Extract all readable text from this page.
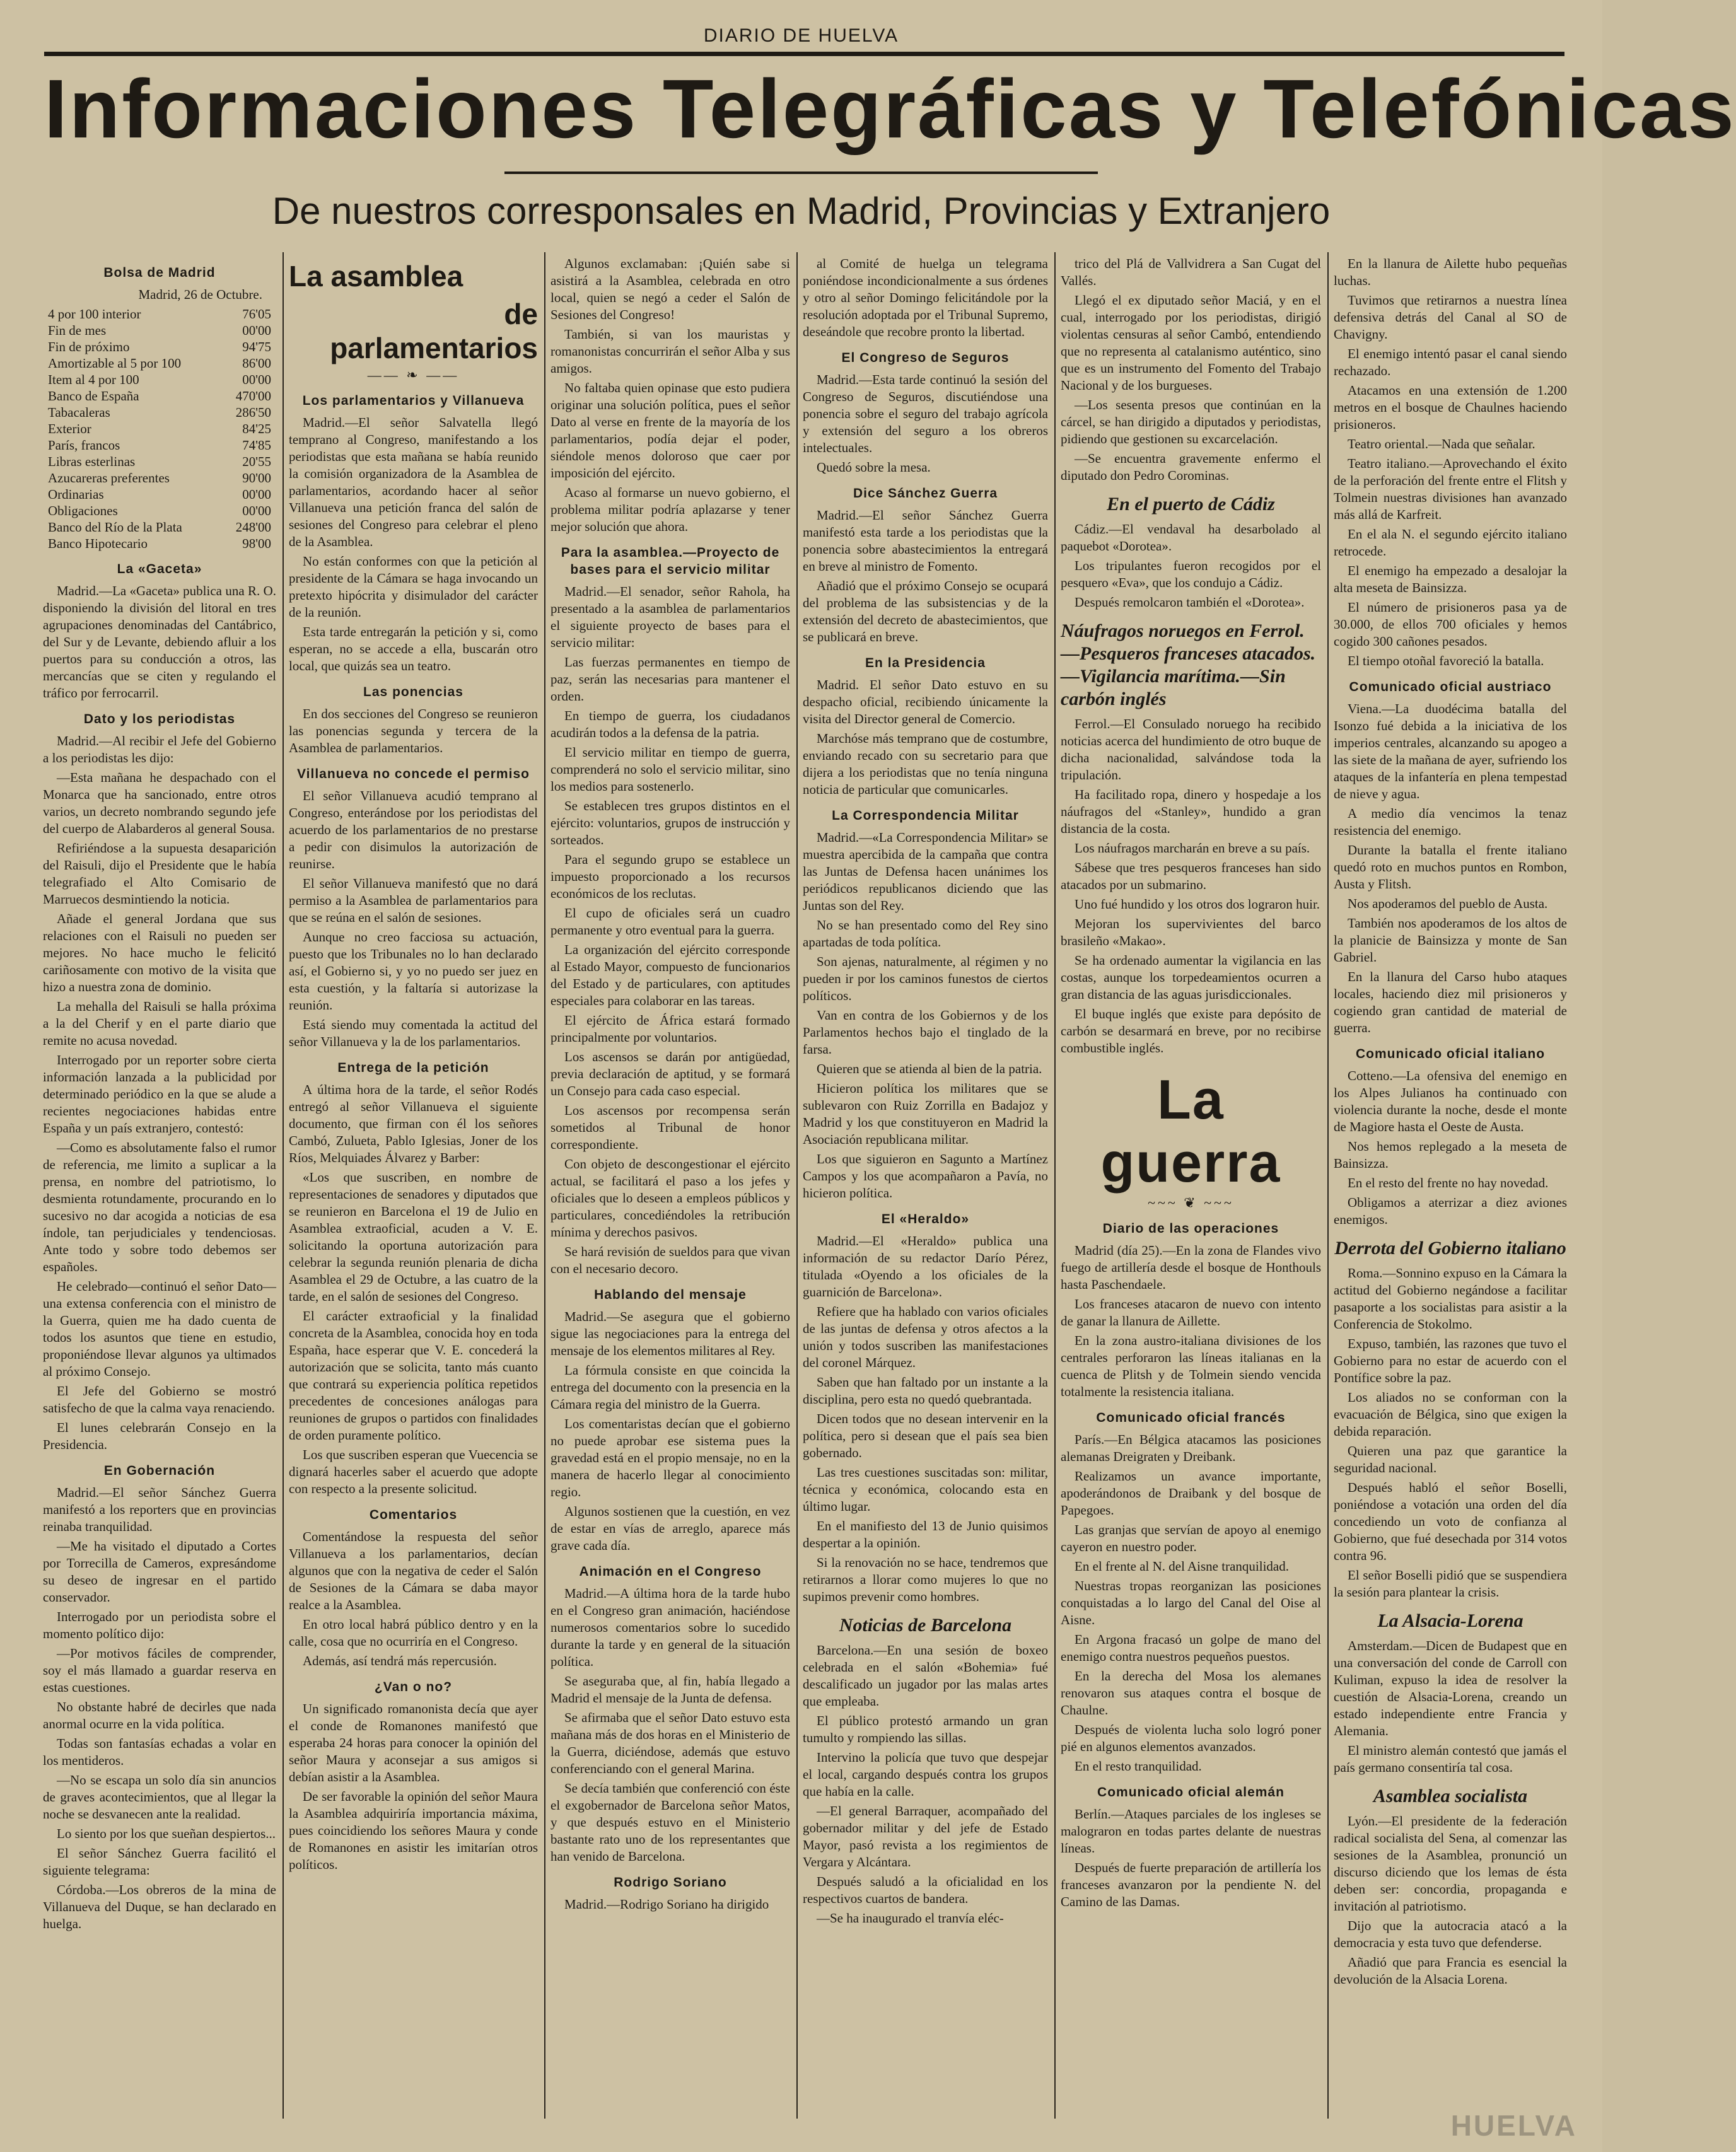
DIARIO DE HUELVA
Informaciones Telegráficas y Telefónicas
De nuestros corresponsales en Madrid, Provincias y Extranjero
Bolsa de Madrid
Madrid, 26 de Octubre.
4 por 100 interior	76'05
Fin de mes	00'00
Fin de próximo	94'75
Amortizable al 5 por 100	86'00
Item al 4 por 100	00'00
Banco de España	470'00
Tabacaleras	286'50
Exterior	84'25
París, francos	74'85
Libras esterlinas	20'55
Azucareras preferentes	90'00
Ordinarias	00'00
Obligaciones	00'00
Banco del Río de la Plata	248'00
Banco Hipotecario	98'00
La «Gaceta»

Madrid.—La «Gaceta» publica una R. O. disponiendo la división del litoral en tres agrupaciones denominadas del Cantábrico, del Sur y de Levante, debiendo afluir a los puertos para su conducción a otros, las mercancías que se citen y regulando el tráfico por ferrocarril.

Dato y los periodistas

Madrid.—Al recibir el Jefe del Gobierno a los periodistas les dijo:

—Esta mañana he despachado con el Monarca que ha sancionado, entre otros varios, un decreto nombrando segundo jefe del cuerpo de Alabarderos al general Sousa.

Refiriéndose a la supuesta desaparición del Raisuli, dijo el Presidente que le había telegrafiado el Alto Comisario de Marruecos desmintiendo la noticia.

Añade el general Jordana que sus relaciones con el Raisuli no pueden ser mejores. No hace mucho le felicitó cariñosamente con motivo de la visita que hizo a nuestra zona de dominio.

La mehalla del Raisuli se halla próxima a la del Cherif y en el parte diario que remite no acusa novedad.

Interrogado por un reporter sobre cierta información lanzada a la publicidad por determinado periódico en la que se alude a recientes negociaciones habidas entre España y un país extranjero, contestó:

—Como es absolutamente falso el rumor de referencia, me limito a suplicar a la prensa, en nombre del patriotismo, lo desmienta rotundamente, procurando en lo sucesivo no dar acogida a noticias de esa índole, tan perjudiciales y tendenciosas. Ante todo y sobre todo debemos ser españoles.

He celebrado—continuó el señor Dato—una extensa conferencia con el ministro de la Guerra, quien me ha dado cuenta de todos los asuntos que tiene en estudio, proponiéndose llevar algunos ya ultimados al próximo Consejo.

El Jefe del Gobierno se mostró satisfecho de que la calma vaya renaciendo.

El lunes celebrarán Consejo en la Presidencia.

En Gobernación

Madrid.—El señor Sánchez Guerra manifestó a los reporters que en provincias reinaba tranquilidad.

—Me ha visitado el diputado a Cortes por Torrecilla de Cameros, expresándome su deseo de ingresar en el partido conservador.

Interrogado por un periodista sobre el momento político dijo:

—Por motivos fáciles de comprender, soy el más llamado a guardar reserva en estas cuestiones.

No obstante habré de decirles que nada anormal ocurre en la vida política.

Todas son fantasías echadas a volar en los mentideros.

—No se escapa un solo día sin anuncios de graves acontecimientos, que al llegar la noche se desvanecen ante la realidad.

Lo siento por los que sueñan despiertos...

El señor Sánchez Guerra facilitó el siguiente telegrama:

Córdoba.—Los obreros de la mina de Villanueva del Duque, se han declarado en huelga.

La asamblea
de parlamentarios
—— ❧ ——
Los parlamentarios y Villanueva

Madrid.—El señor Salvatella llegó temprano al Congreso, manifestando a los periodistas que esta mañana se había reunido la comisión organizadora de la Asamblea de parlamentarios, acordando hacer al señor Villanueva una petición franca del salón de sesiones del Congreso para celebrar el pleno de la Asamblea.

No están conformes con que la petición al presidente de la Cámara se haga invocando un pretexto hipócrita y disimulador del carácter de la reunión.

Esta tarde entregarán la petición y si, como esperan, no se accede a ella, buscarán otro local, que quizás sea un teatro.

Las ponencias

En dos secciones del Congreso se reunieron las ponencias segunda y tercera de la Asamblea de parlamentarios.

Villanueva no concede el permiso

El señor Villanueva acudió temprano al Congreso, enterándose por los periodistas del acuerdo de los parlamentarios de no prestarse a pedir con disimulos la autorización de reunirse.

El señor Villanueva manifestó que no dará permiso a la Asamblea de parlamentarios para que se reúna en el salón de sesiones.

Aunque no creo facciosa su actuación, puesto que los Tribunales no lo han declarado así, el Gobierno si, y yo no puedo ser juez en esta cuestión, y la faltaría si autorizase la reunión.

Está siendo muy comentada la actitud del señor Villanueva y la de los parlamentarios.

Entrega de la petición

A última hora de la tarde, el señor Rodés entregó al señor Villanueva el siguiente documento, que firman con él los señores Cambó, Zulueta, Pablo Iglesias, Joner de los Ríos, Melquiades Álvarez y Barber:

«Los que suscriben, en nombre de representaciones de senadores y diputados que se reunieron en Barcelona el 19 de Julio en Asamblea extraoficial, acuden a V. E. solicitando la oportuna autorización para celebrar la segunda reunión plenaria de dicha Asamblea el 29 de Octubre, a las cuatro de la tarde, en el salón de sesiones del Congreso.

El carácter extraoficial y la finalidad concreta de la Asamblea, conocida hoy en toda España, hace esperar que V. E. concederá la autorización que se solicita, tanto más cuanto que contrará su experiencia política repetidos precedentes de concesiones análogas para reuniones de grupos o partidos con finalidades de orden puramente político.

Los que suscriben esperan que Vuecencia se dignará hacerles saber el acuerdo que adopte con respecto a la presente solicitud.

Comentarios

Comentándose la respuesta del señor Villanueva a los parlamentarios, decían algunos que con la negativa de ceder el Salón de Sesiones de la Cámara se daba mayor realce a la Asamblea.

En otro local habrá público dentro y en la calle, cosa que no ocurriría en el Congreso.

Además, así tendrá más repercusión.

¿Van o no?

Un significado romanonista decía que ayer el conde de Romanones manifestó que esperaba 24 horas para conocer la opinión del señor Maura y aconsejar a sus amigos si debían asistir a la Asamblea.

De ser favorable la opinión del señor Maura la Asamblea adquiriría importancia máxima, pues coincidiendo los señores Maura y conde de Romanones en asistir les imitarían otros políticos.

Algunos exclamaban: ¡Quién sabe si asistirá a la Asamblea, celebrada en otro local, quien se negó a ceder el Salón de Sesiones del Congreso!

También, si van los mauristas y romanonistas concurrirán el señor Alba y sus amigos.

No faltaba quien opinase que esto pudiera originar una solución política, pues el señor Dato al verse en frente de la mayoría de los parlamentarios, podía dejar el poder, siéndole menos doloroso que caer por imposición del ejército.

Acaso al formarse un nuevo gobierno, el problema militar podría aplazarse y tener mejor solución que ahora.

Para la asamblea.—Proyecto de bases para el servicio militar

Madrid.—El senador, señor Rahola, ha presentado a la asamblea de parlamentarios el siguiente proyecto de bases para el servicio militar:

Las fuerzas permanentes en tiempo de paz, serán las necesarias para mantener el orden.

En tiempo de guerra, los ciudadanos acudirán todos a la defensa de la patria.

El servicio militar en tiempo de guerra, comprenderá no solo el servicio militar, sino los medios para sostenerlo.

Se establecen tres grupos distintos en el ejército: voluntarios, grupos de instrucción y sorteados.

Para el segundo grupo se establece un impuesto proporcionado a los recursos económicos de los reclutas.

El cupo de oficiales será un cuadro permanente y otro eventual para la guerra.

La organización del ejército corresponde al Estado Mayor, compuesto de funcionarios del Estado y de particulares, con aptitudes especiales para colaborar en las tareas.

El ejército de África estará formado principalmente por voluntarios.

Los ascensos se darán por antigüedad, previa declaración de aptitud, y se formará un Consejo para cada caso especial.

Los ascensos por recompensa serán sometidos al Tribunal de honor correspondiente.

Con objeto de descongestionar el ejército actual, se facilitará el paso a los jefes y oficiales que lo deseen a empleos públicos y particulares, concediéndoles la retribución mínima y derechos pasivos.

Se hará revisión de sueldos para que vivan con el necesario decoro.

Hablando del mensaje

Madrid.—Se asegura que el gobierno sigue las negociaciones para la entrega del mensaje de los elementos militares al Rey.

La fórmula consiste en que coincida la entrega del documento con la presencia en la Cámara regia del ministro de la Guerra.

Los comentaristas decían que el gobierno no puede aprobar ese sistema pues la gravedad está en el propio mensaje, no en la manera de hacerlo llegar al conocimiento regio.

Algunos sostienen que la cuestión, en vez de estar en vías de arreglo, aparece más grave cada día.

Animación en el Congreso

Madrid.—A última hora de la tarde hubo en el Congreso gran animación, haciéndose numerosos comentarios sobre lo sucedido durante la tarde y en general de la situación política.

Se aseguraba que, al fin, había llegado a Madrid el mensaje de la Junta de defensa.

Se afirmaba que el señor Dato estuvo esta mañana más de dos horas en el Ministerio de la Guerra, diciéndose, además que estuvo conferenciando con el general Marina.

Se decía también que conferenció con éste el exgobernador de Barcelona señor Matos, y que después estuvo en el Ministerio bastante rato uno de los representantes que han venido de Barcelona.

Rodrigo Soriano

Madrid.—Rodrigo Soriano ha dirigido

al Comité de huelga un telegrama poniéndose incondicionalmente a sus órdenes y otro al señor Domingo felicitándole por la resolución adoptada por el Tribunal Supremo, deseándole que recobre pronto la libertad.

El Congreso de Seguros

Madrid.—Esta tarde continuó la sesión del Congreso de Seguros, discutiéndose una ponencia sobre el seguro del trabajo agrícola y extensión del seguro a los obreros intelectuales.

Quedó sobre la mesa.

Dice Sánchez Guerra

Madrid.—El señor Sánchez Guerra manifestó esta tarde a los periodistas que la ponencia sobre abastecimientos la entregará en breve al ministro de Fomento.

Añadió que el próximo Consejo se ocupará del problema de las subsistencias y de la extensión del decreto de abastecimientos, que se publicará en breve.

En la Presidencia

Madrid. El señor Dato estuvo en su despacho oficial, recibiendo únicamente la visita del Director general de Comercio.

Marchóse más temprano que de costumbre, enviando recado con su secretario para que dijera a los periodistas que no tenía ninguna noticia de particular que comunicarles.

La Correspondencia Militar

Madrid.—«La Correspondencia Militar» se muestra apercibida de la campaña que contra las Juntas de Defensa hacen unánimes los periódicos republicanos diciendo que las Juntas son del Rey.

No se han presentado como del Rey sino apartadas de toda política.

Son ajenas, naturalmente, al régimen y no pueden ir por los caminos funestos de ciertos políticos.

Van en contra de los Gobiernos y de los Parlamentos hechos bajo el tinglado de la farsa.

Quieren que se atienda al bien de la patria.

Hicieron política los militares que se sublevaron con Ruiz Zorrilla en Badajoz y Madrid y los que constituyeron en Madrid la Asociación republicana militar.

Los que siguieron en Sagunto a Martínez Campos y los que acompañaron a Pavía, no hicieron política.

El «Heraldo»

Madrid.—El «Heraldo» publica una información de su redactor Darío Pérez, titulada «Oyendo a los oficiales de la guarnición de Barcelona».

Refiere que ha hablado con varios oficiales de las juntas de defensa y otros afectos a la unión y todos suscriben las manifestaciones del coronel Márquez.

Saben que han faltado por un instante a la disciplina, pero esta no quedó quebrantada.

Dicen todos que no desean intervenir en la política, pero si desean que el país sea bien gobernado.

Las tres cuestiones suscitadas son: militar, técnica y económica, colocando esta en último lugar.

En el manifiesto del 13 de Junio quisimos despertar a la opinión.

Si la renovación no se hace, tendremos que retirarnos a llorar como mujeres lo que no supimos prevenir como hombres.

Noticias de Barcelona

Barcelona.—En una sesión de boxeo celebrada en el salón «Bohemia» fué descalificado un jugador por las malas artes que empleaba.

El público protestó armando un gran tumulto y rompiendo las sillas.

Intervino la policía que tuvo que despejar el local, cargando después contra los grupos que había en la calle.

—El general Barraquer, acompañado del gobernador militar y del jefe de Estado Mayor, pasó revista a los regimientos de Vergara y Alcántara.

Después saludó a la oficialidad en los respectivos cuartos de bandera.

—Se ha inaugurado el tranvía eléc-

trico del Plá de Vallvidrera a San Cugat del Vallés.

Llegó el ex diputado señor Maciá, y en el cual, interrogado por los periodistas, dirigió violentas censuras al señor Cambó, entendiendo que no representa al catalanismo auténtico, sino que es un instrumento del Fomento del Trabajo Nacional y de los burgueses.

—Los sesenta presos que continúan en la cárcel, se han dirigido a diputados y periodistas, pidiendo que gestionen su excarcelación.

—Se encuentra gravemente enfermo el diputado don Pedro Corominas.

En el puerto de Cádiz

Cádiz.—El vendaval ha desarbolado al paquebot «Dorotea».

Los tripulantes fueron recogidos por el pesquero «Eva», que los condujo a Cádiz.

Después remolcaron también el «Dorotea».

Náufragos noruegos en Ferrol.—Pesqueros franceses atacados.—Vigilancia marítima.—Sin carbón inglés

Ferrol.—El Consulado noruego ha recibido noticias acerca del hundimiento de otro buque de dicha nacionalidad, salvándose toda la tripulación.

Ha facilitado ropa, dinero y hospedaje a los náufragos del «Stanley», hundido a gran distancia de la costa.

Los náufragos marcharán en breve a su país.

Sábese que tres pesqueros franceses han sido atacados por un submarino.

Uno fué hundido y los otros dos lograron huir.

Mejoran los supervivientes del barco brasileño «Makao».

Se ha ordenado aumentar la vigilancia en las costas, aunque los torpedeamientos ocurren a gran distancia de las aguas jurisdiccionales.

El buque inglés que existe para depósito de carbón se desarmará en breve, por no recibirse combustible inglés.

La guerra
~~~ ❦ ~~~
Diario de las operaciones

Madrid (día 25).—En la zona de Flandes vivo fuego de artillería desde el bosque de Honthouls hasta Paschendaele.

Los franceses atacaron de nuevo con intento de ganar la llanura de Aillette.

En la zona austro-italiana divisiones de los centrales perforaron las líneas italianas en la cuenca de Plitsh y de Tolmein siendo vencida totalmente la resistencia italiana.

Comunicado oficial francés

París.—En Bélgica atacamos las posiciones alemanas Dreigraten y Dreibank.

Realizamos un avance importante, apoderándonos de Draibank y del bosque de Papegoes.

Las granjas que servían de apoyo al enemigo cayeron en nuestro poder.

En el frente al N. del Aisne tranquilidad.

Nuestras tropas reorganizan las posiciones conquistadas a lo largo del Canal del Oise al Aisne.

En Argona fracasó un golpe de mano del enemigo contra nuestros pequeños puestos.

En la derecha del Mosa los alemanes renovaron sus ataques contra el bosque de Chaulne.

Después de violenta lucha solo logró poner pié en algunos elementos avanzados.

En el resto tranquilidad.

Comunicado oficial alemán

Berlín.—Ataques parciales de los ingleses se malograron en todas partes delante de nuestras líneas.

Después de fuerte preparación de artillería los franceses avanzaron por la pendiente N. del Camino de las Damas.

En la llanura de Ailette hubo pequeñas luchas.

Tuvimos que retirarnos a nuestra línea defensiva detrás del Canal al SO de Chavigny.

El enemigo intentó pasar el canal siendo rechazado.

Atacamos en una extensión de 1.200 metros en el bosque de Chaulnes haciendo prisioneros.

Teatro oriental.—Nada que señalar.

Teatro italiano.—Aprovechando el éxito de la perforación del frente entre el Flitsh y Tolmein nuestras divisiones han avanzado más allá de Karfreit.

En el ala N. el segundo ejército italiano retrocede.

El enemigo ha empezado a desalojar la alta meseta de Bainsizza.

El número de prisioneros pasa ya de 30.000, de ellos 700 oficiales y hemos cogido 300 cañones pesados.

El tiempo otoñal favoreció la batalla.

Comunicado oficial austriaco

Viena.—La duodécima batalla del Isonzo fué debida a la iniciativa de los imperios centrales, alcanzando su apogeo a las siete de la mañana de ayer, sufriendo los ataques de la infantería en plena tempestad de nieve y agua.

A medio día vencimos la tenaz resistencia del enemigo.

Durante la batalla el frente italiano quedó roto en muchos puntos en Rombon, Austa y Flitsh.

Nos apoderamos del pueblo de Austa.

También nos apoderamos de los altos de la planicie de Bainsizza y monte de San Gabriel.

En la llanura del Carso hubo ataques locales, haciendo diez mil prisioneros y cogiendo gran cantidad de material de guerra.

Comunicado oficial italiano

Cotteno.—La ofensiva del enemigo en los Alpes Julianos ha continuado con violencia durante la noche, desde el monte de Magiore hasta el Oeste de Austa.

Nos hemos replegado a la meseta de Bainsizza.

En el resto del frente no hay novedad.

Obligamos a aterrizar a diez aviones enemigos.

Derrota del Gobierno italiano

Roma.—Sonnino expuso en la Cámara la actitud del Gobierno negándose a facilitar pasaporte a los socialistas para asistir a la Conferencia de Stokolmo.

Expuso, también, las razones que tuvo el Gobierno para no estar de acuerdo con el Pontífice sobre la paz.

Los aliados no se conforman con la evacuación de Bélgica, sino que exigen la debida reparación.

Quieren una paz que garantice la seguridad nacional.

Después habló el señor Boselli, poniéndose a votación una orden del día concediendo un voto de confianza al Gobierno, que fué desechada por 314 votos contra 96.

El señor Boselli pidió que se suspendiera la sesión para plantear la crisis.

La Alsacia-Lorena

Amsterdam.—Dicen de Budapest que en una conversación del conde de Carroll con Kuliman, expuso la idea de resolver la cuestión de Alsacia-Lorena, creando un estado independiente entre Francia y Alemania.

El ministro alemán contestó que jamás el país germano consentiría tal cosa.

Asamblea socialista

Lyón.—El presidente de la federación radical socialista del Sena, al comenzar las sesiones de la Asamblea, pronunció un discurso diciendo que los lemas de ésta deben ser: concordia, propaganda e invitación al patriotismo.

Dijo que la autocracia atacó a la democracia y esta tuvo que defenderse.

Añadió que para Francia es esencial la devolución de la Alsacia Lorena.

HUELVA
